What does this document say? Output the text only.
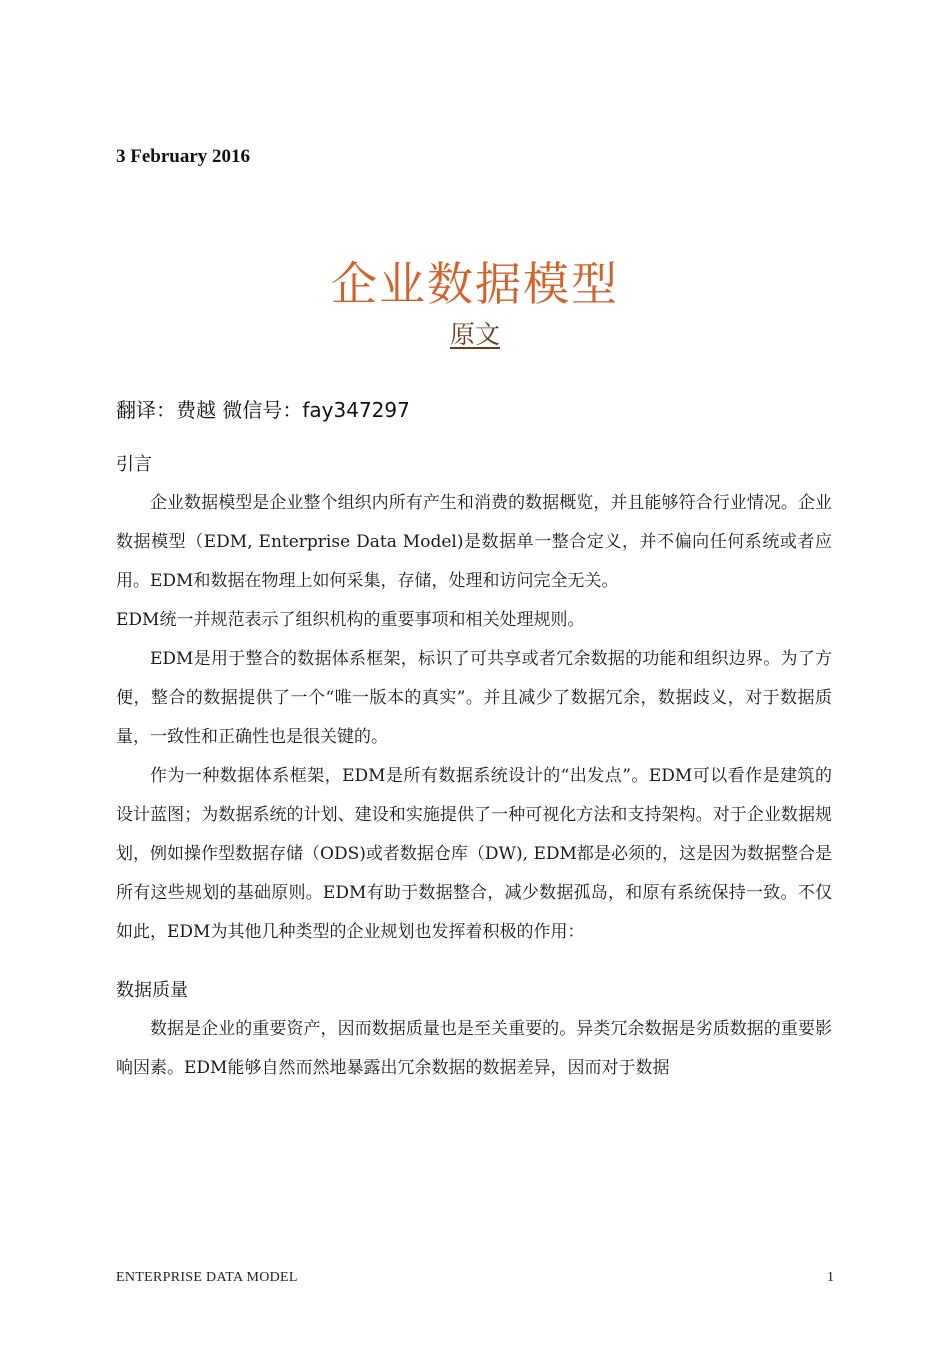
3 February 2016
企业数据模型
原文
翻译：费越 微信号：fay347297
引言

企业数据模型是企业整个组织内所有产生和消费的数据概览，并且能够符合行业情况。企业数据模型（EDM, Enterprise Data Model)是数据单一整合定义，并不偏向任何系统或者应用。EDM和数据在物理上如何采集，存储，处理和访问完全无关。

EDM统一并规范表示了组织机构的重要事项和相关处理规则。

EDM是用于整合的数据体系框架，标识了可共享或者冗余数据的功能和组织边界。为了方便，整合的数据提供了一个“唯一版本的真实”。并且减少了数据冗余，数据歧义，对于数据质量，一致性和正确性也是很关键的。

作为一种数据体系框架，EDM是所有数据系统设计的“出发点”。EDM可以看作是建筑的设计蓝图；为数据系统的计划、建设和实施提供了一种可视化方法和支持架构。对于企业数据规划，例如操作型数据存储（ODS)或者数据仓库（DW), EDM都是必须的，这是因为数据整合是所有这些规划的基础原则。EDM有助于数据整合，减少数据孤岛，和原有系统保持一致。不仅如此，EDM为其他几种类型的企业规划也发挥着积极的作用：

数据质量

数据是企业的重要资产，因而数据质量也是至关重要的。异类冗余数据是劣质数据的重要影响因素。EDM能够自然而然地暴露出冗余数据的数据差异，因而对于数据

ENTERPRISE DATA MODEL	1
